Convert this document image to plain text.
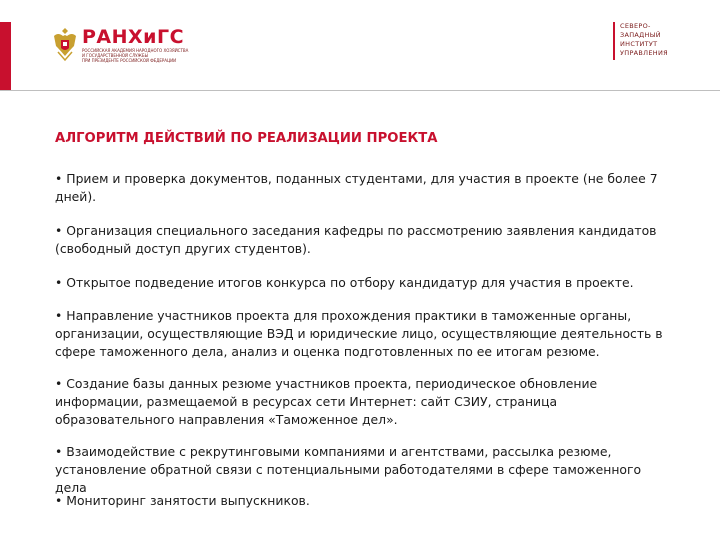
РАНХиГС
РОССИЙСКАЯ АКАДЕМИЯ НАРОДНОГО ХОЗЯЙСТВА
И ГОСУДАРСТВЕННОЙ СЛУЖБЫ
ПРИ ПРЕЗИДЕНТЕ РОССИЙСКОЙ ФЕДЕРАЦИИ
СЕВЕРО-
ЗАПАДНЫЙ
ИНСТИТУТ
УПРАВЛЕНИЯ
АЛГОРИТМ ДЕЙСТВИЙ ПО РЕАЛИЗАЦИИ ПРОЕКТА
• Прием и проверка документов, поданных студентами, для участия в проекте (не более 7 дней).
• Организация специального заседания кафедры по рассмотрению заявления кандидатов (свободный доступ других студентов).
• Открытое подведение итогов конкурса по отбору кандидатур для участия в проекте.
• Направление участников проекта для прохождения практики в таможенные органы, организации, осуществляющие ВЭД и юридические лицо, осуществляющие деятельность в сфере таможенного дела, анализ и оценка подготовленных по ее итогам резюме.
• Создание базы данных резюме участников проекта, периодическое обновление информации, размещаемой в ресурсах сети Интернет: сайт СЗИУ, страница образовательного направления «Таможенное дел».
• Взаимодействие с рекрутинговыми компаниями и агентствами, рассылка резюме, установление обратной связи с потенциальными работодателями в сфере таможенного дела
• Мониторинг занятости выпускников.
